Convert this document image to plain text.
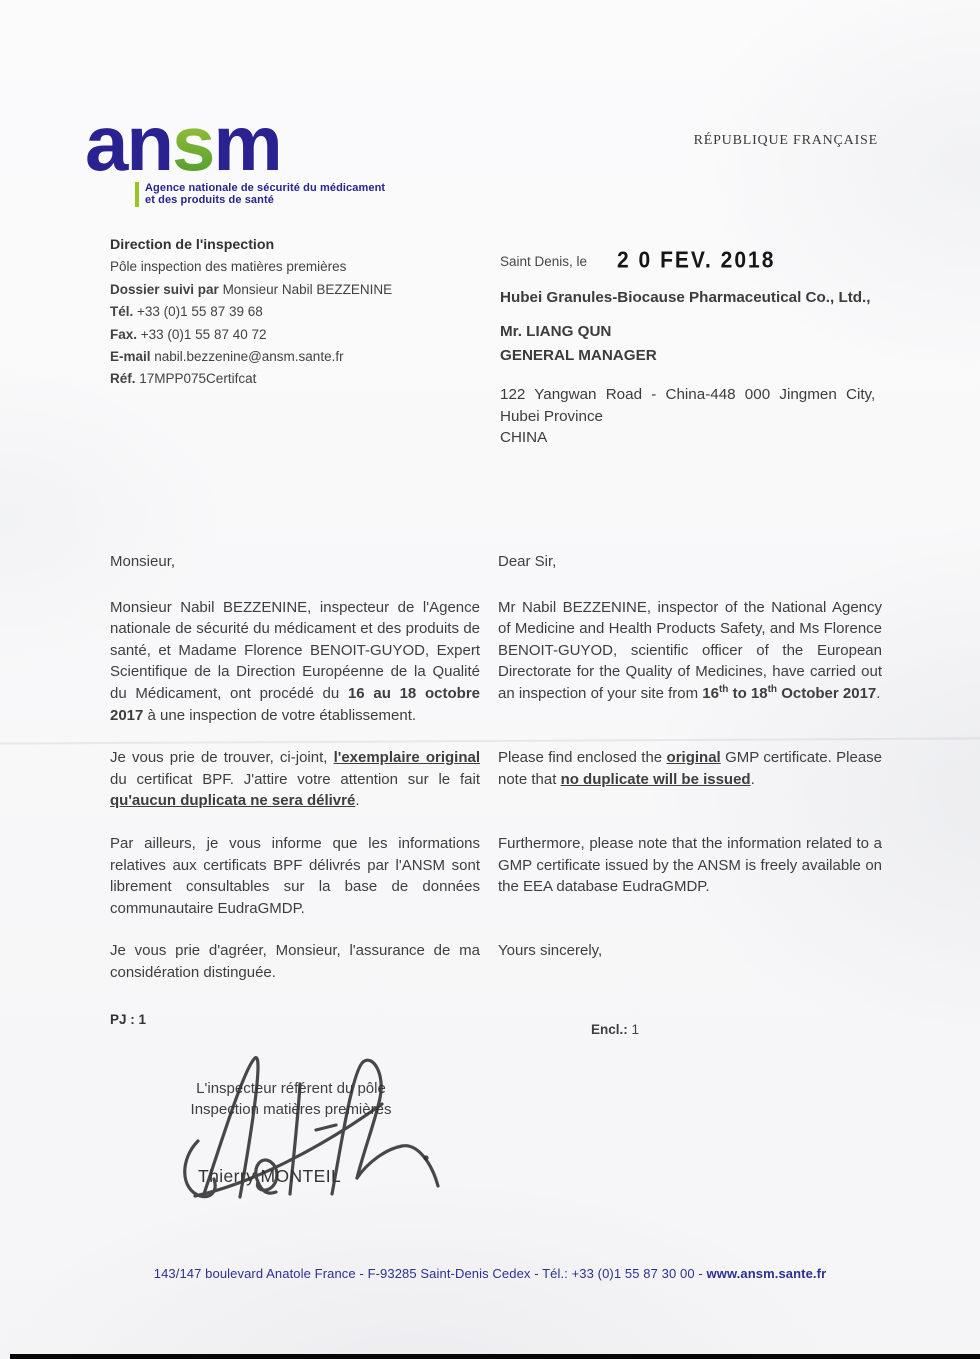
ansm
Agence nationale de sécurité du médicament
et des produits de santé
RÉPUBLIQUE FRANÇAISE
Direction de l'inspection
Pôle inspection des matières premières
Dossier suivi par Monsieur Nabil BEZZENINE
Tél. +33 (0)1 55 87 39 68
Fax. +33 (0)1 55 87 40 72
E-mail nabil.bezzenine@ansm.sante.fr
Réf. 17MPP075Certifcat
Saint Denis, le 2 0 FEV. 2018
Hubei Granules-Biocause Pharmaceutical Co., Ltd.,
Mr. LIANG QUN
GENERAL MANAGER
122 Yangwan Road - China-448 000 Jingmen City,
Hubei Province
CHINA
Monsieur,	Dear Sir,
Monsieur Nabil BEZZENINE, inspecteur de l'Agence nationale de sécurité du médicament et des produits de santé, et Madame Florence BENOIT-GUYOD, Expert Scientifique de la Direction Européenne de la Qualité du Médicament, ont procédé du 16 au 18 octobre 2017 à une inspection de votre établissement.
Mr Nabil BEZZENINE, inspector of the National Agency of Medicine and Health Products Safety, and Ms Florence BENOIT-GUYOD, scientific officer of the European Directorate for the Quality of Medicines, have carried out an inspection of your site from 16th to 18th October 2017.
Je vous prie de trouver, ci-joint, l'exemplaire original du certificat BPF. J'attire votre attention sur le fait qu'aucun duplicata ne sera délivré.
Please find enclosed the original GMP certificate. Please note that no duplicate will be issued.
Par ailleurs, je vous informe que les informations relatives aux certificats BPF délivrés par l'ANSM sont librement consultables sur la base de données communautaire EudraGMDP.
Furthermore, please note that the information related to a GMP certificate issued by the ANSM is freely available on the EEA database EudraGMDP.
Je vous prie d'agréer, Monsieur, l'assurance de ma considération distinguée.
Yours sincerely,
PJ : 1
Encl.: 1
L'inspecteur référent du pôle
Inspection matières premières
Thierry MONTEIL
143/147 boulevard Anatole France - F-93285 Saint-Denis Cedex - Tél.: +33 (0)1 55 87 30 00 - www.ansm.sante.fr
